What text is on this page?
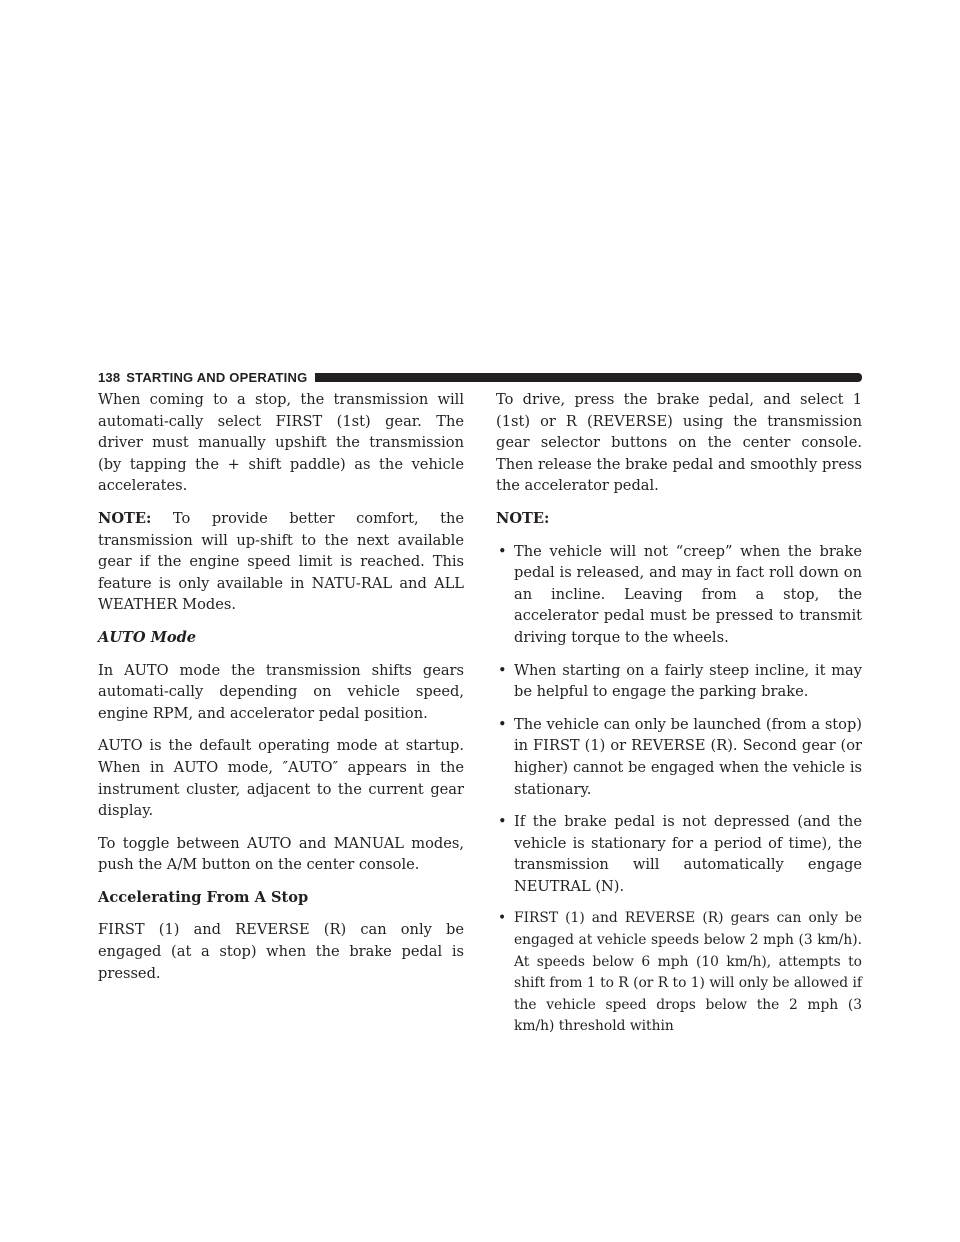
138 STARTING AND OPERATING

When coming to a stop, the transmission will automati-cally select FIRST (1st) gear. The driver must manually upshift the transmission (by tapping the + shift paddle) as the vehicle accelerates.

NOTE: To provide better comfort, the transmission will up-shift to the next available gear if the engine speed limit is reached. This feature is only available in NATU-RAL and ALL WEATHER Modes.

AUTO Mode

In AUTO mode the transmission shifts gears automati-cally depending on vehicle speed, engine RPM, and accelerator pedal position.

AUTO is the default operating mode at startup. When in AUTO mode, ″AUTO″ appears in the instrument cluster, adjacent to the current gear display.

To toggle between AUTO and MANUAL modes, push the A/M button on the center console.

Accelerating From A Stop

FIRST (1) and REVERSE (R) can only be engaged (at a stop) when the brake pedal is pressed.

To drive, press the brake pedal, and select 1 (1st) or R (REVERSE) using the transmission gear selector buttons on the center console. Then release the brake pedal and smoothly press the accelerator pedal.

NOTE:

• The vehicle will not “creep” when the brake pedal is released, and may in fact roll down on an incline. Leaving from a stop, the accelerator pedal must be pressed to transmit driving torque to the wheels.
• When starting on a fairly steep incline, it may be helpful to engage the parking brake.
• The vehicle can only be launched (from a stop) in FIRST (1) or REVERSE (R). Second gear (or higher) cannot be engaged when the vehicle is stationary.
• If the brake pedal is not depressed (and the vehicle is stationary for a period of time), the transmission will automatically engage NEUTRAL (N).
• FIRST (1) and REVERSE (R) gears can only be engaged at vehicle speeds below 2 mph (3 km/h). At speeds below 6 mph (10 km/h), attempts to shift from 1 to R (or R to 1) will only be allowed if the vehicle speed drops below the 2 mph (3 km/h) threshold within
